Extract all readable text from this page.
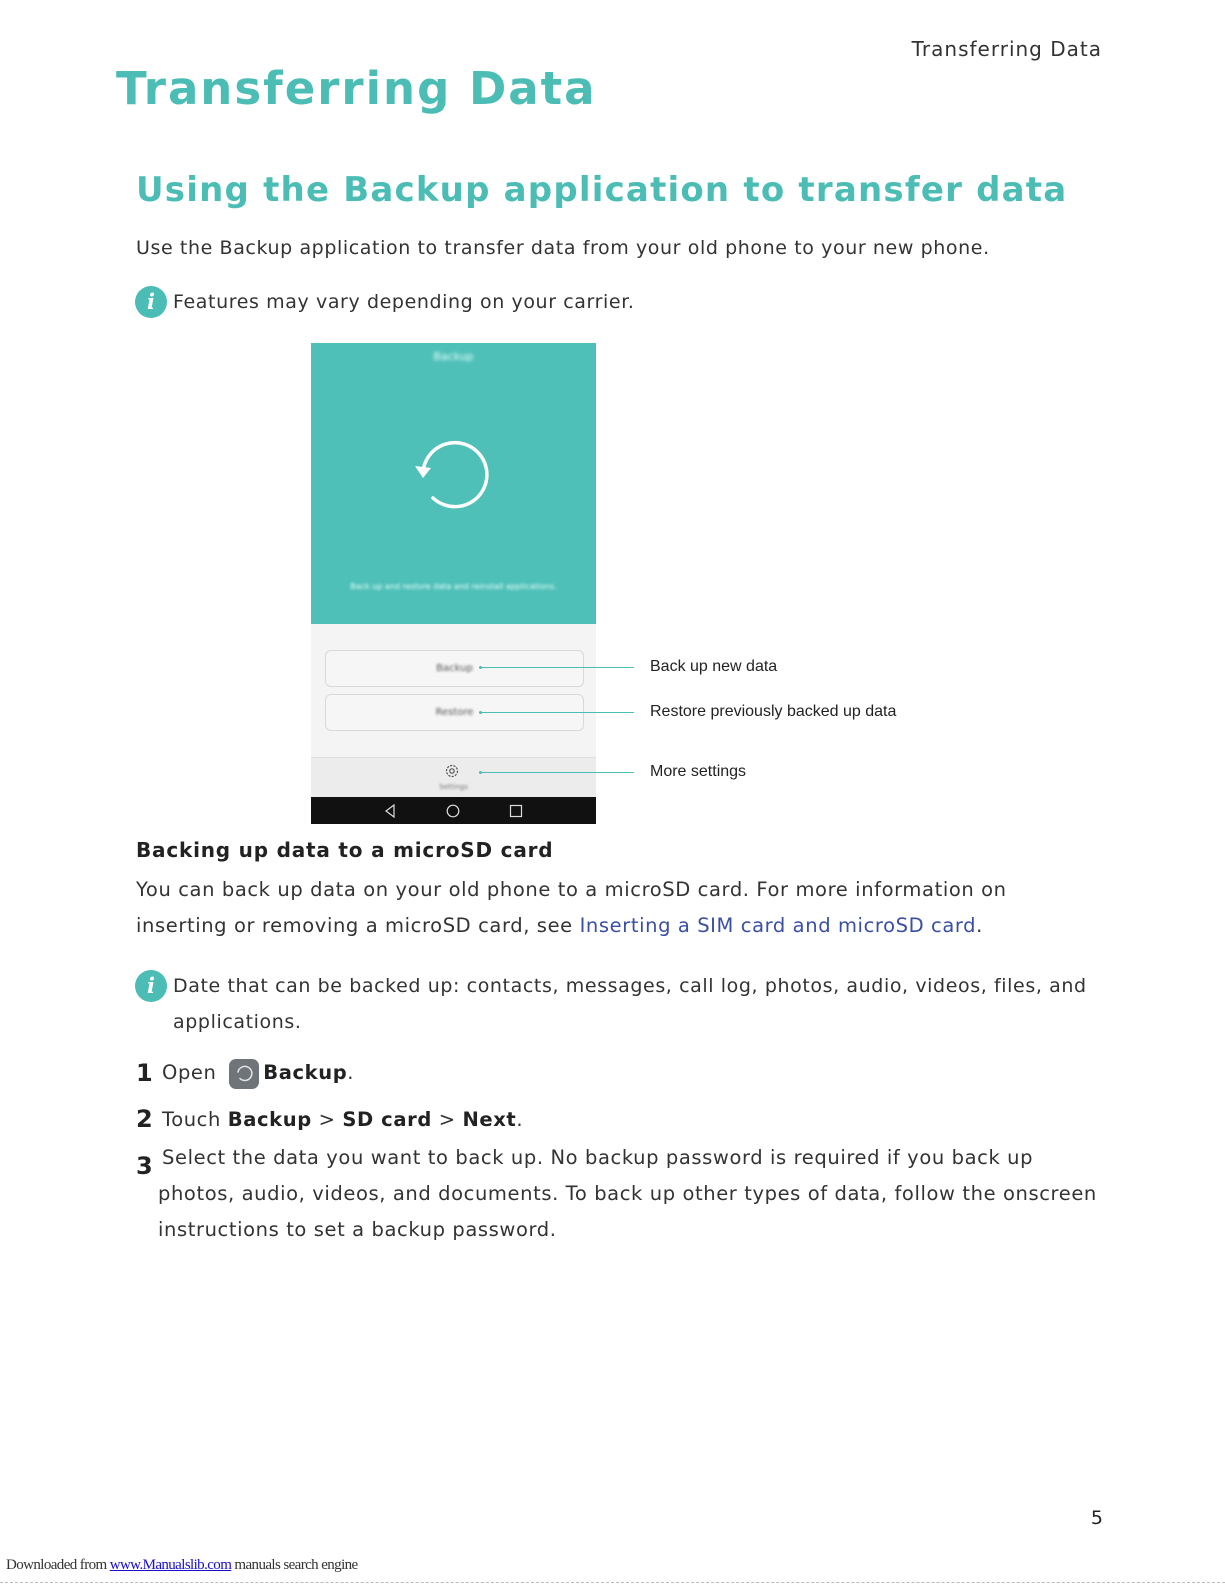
Transferring Data
Transferring Data
Using the Backup application to transfer data
Use the Backup application to transfer data from your old phone to your new phone.
i Features may vary depending on your carrier.
Backup
Back up and restore data and reinstall applications.
Backup
Restore
Settings
Back up new data
Restore previously backed up data
More settings
Backing up data to a microSD card

You can back up data on your old phone to a microSD card. For more information on inserting or removing a microSD card, see Inserting a SIM card and microSD card.

i Date that can be backed up: contacts, messages, call log, photos, audio, videos, files, and applications.
1 Open Backup.
2 Touch Backup > SD card > Next.
3 Select the data you want to back up. No backup password is required if you back up photos, audio, videos, and documents. To back up other types of data, follow the onscreen instructions to set a backup password.
5
Downloaded from www.Manualslib.com manuals search engine
